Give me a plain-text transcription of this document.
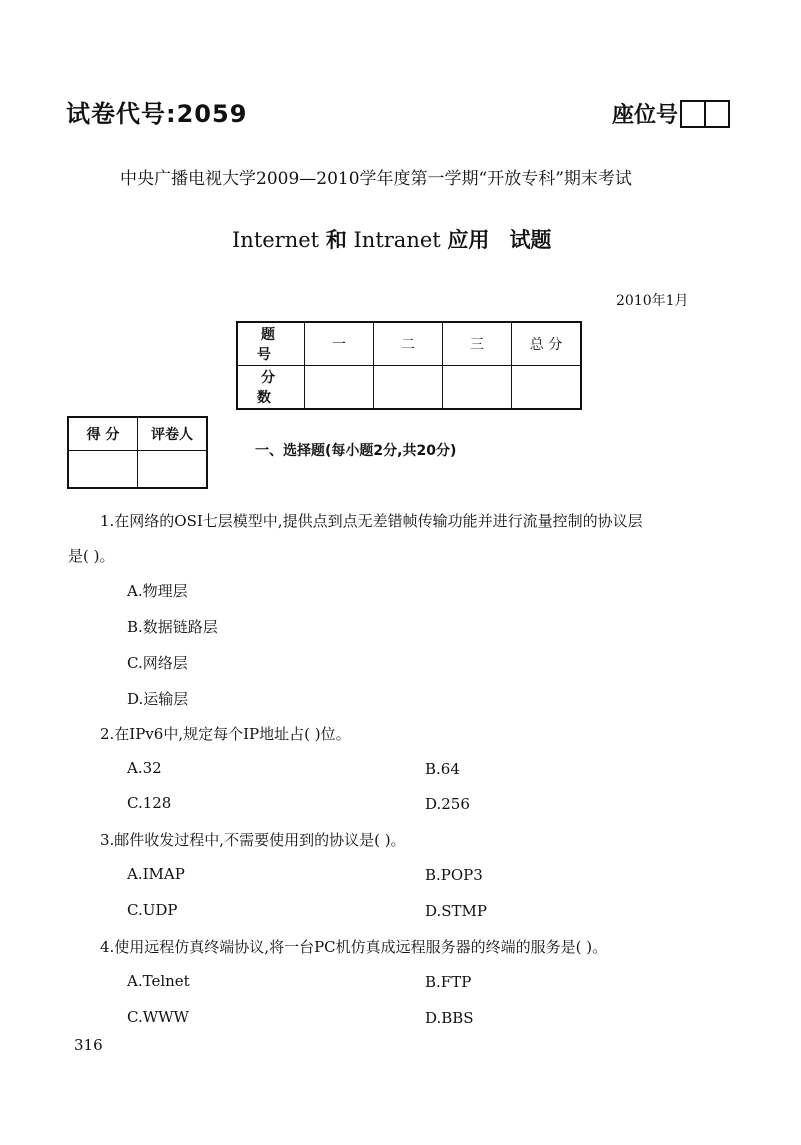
试卷代号:2059	座位号
中央广播电视大学2009—2010学年度第一学期“开放专科”期末考试
Internet 和 Intranet 应用 试题
2010年1月
题 号	一	二	三	总 分
分 数				
得 分	评卷人

一、选择题(每小题2分,共20分)
1.在网络的OSI七层模型中,提供点到点无差错帧传输功能并进行流量控制的协议层
是( )。
A.物理层
B.数据链路层
C.网络层
D.运输层
2.在IPv6中,规定每个IP地址占( )位。
A.32	B.64
C.128	D.256
3.邮件收发过程中,不需要使用到的协议是( )。
A.IMAP	B.POP3
C.UDP	D.STMP
4.使用远程仿真终端协议,将一台PC机仿真成远程服务器的终端的服务是( )。
A.Telnet	B.FTP
C.WWW	D.BBS
316
